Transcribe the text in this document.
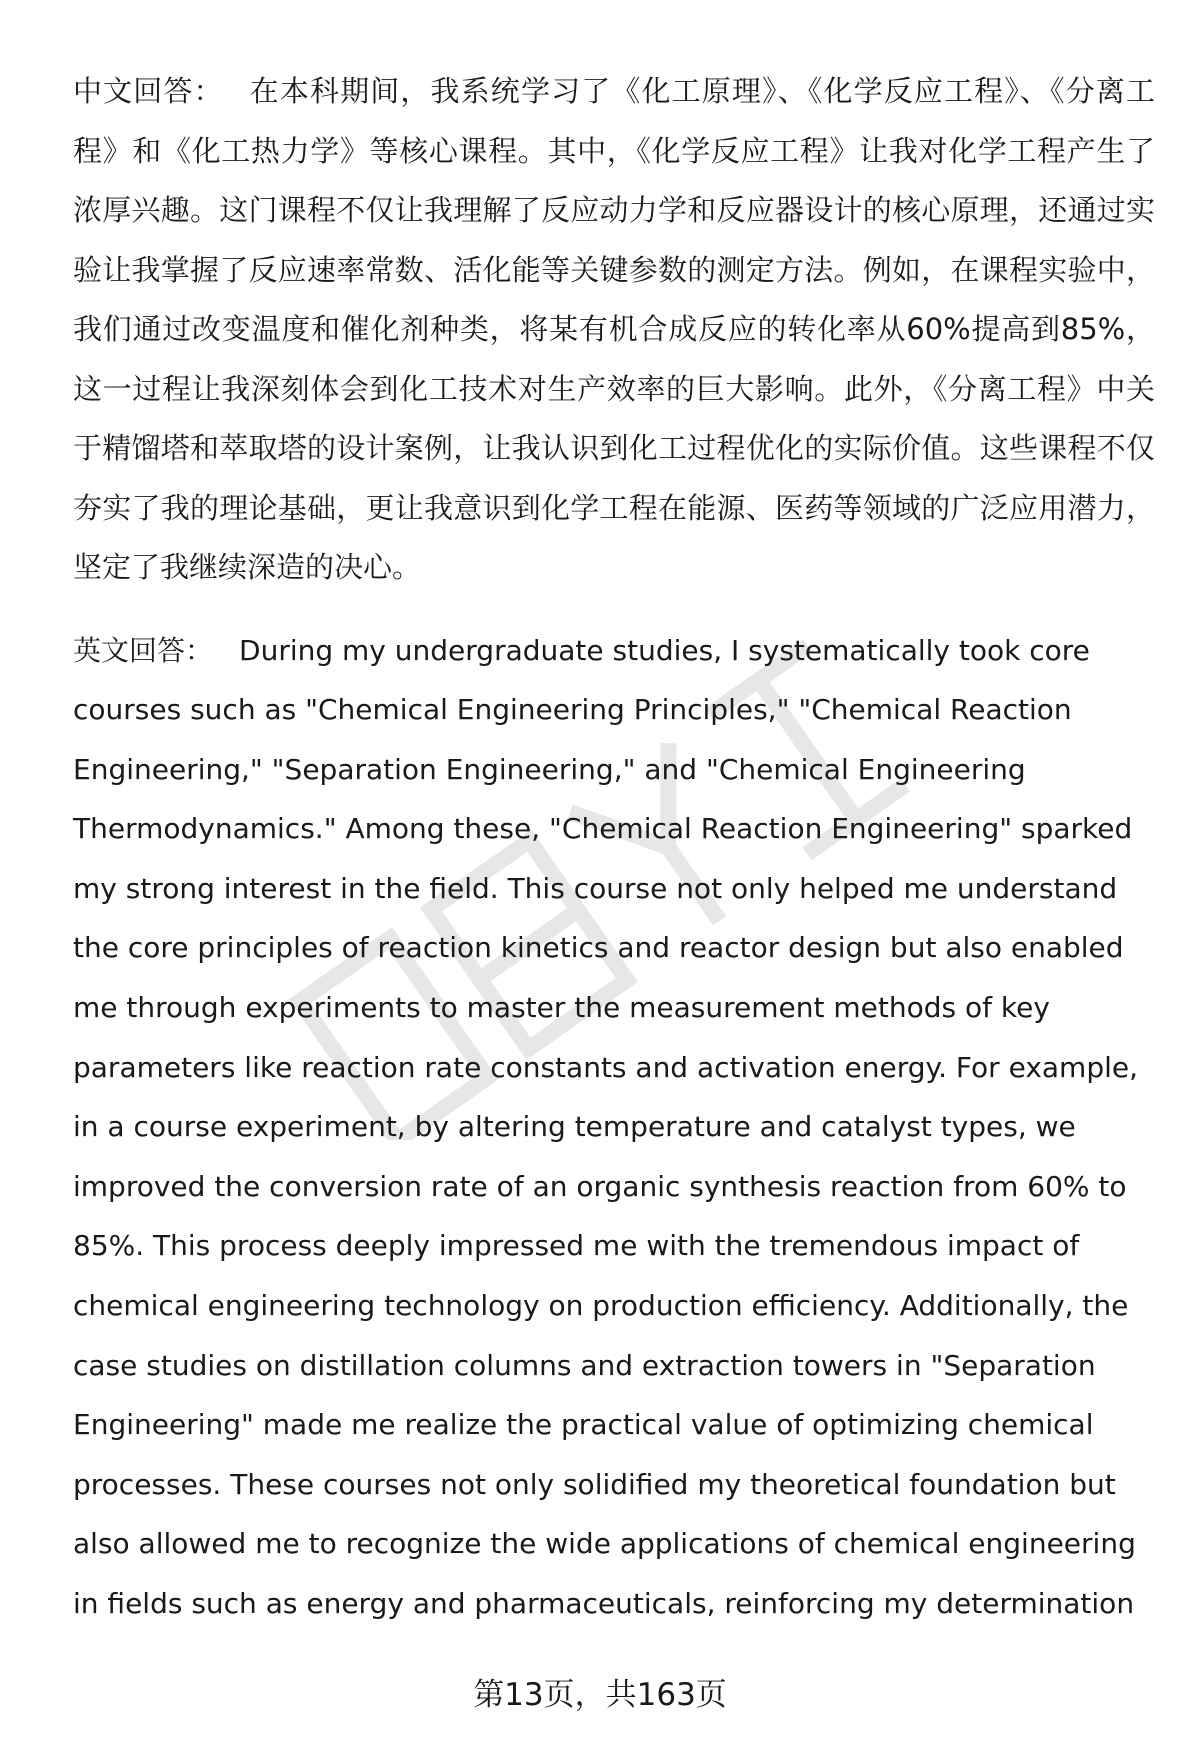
中文回答： 在本科期间，我系统学习了《化工原理》、《化学反应工程》、《分离工程》和《化工热力学》等核心课程。其中，《化学反应工程》让我对化学工程产生了浓厚兴趣。这门课程不仅让我理解了反应动力学和反应器设计的核心原理，还通过实验让我掌握了反应速率常数、活化能等关键参数的测定方法。例如，在课程实验中，我们通过改变温度和催化剂种类，将某有机合成反应的转化率从60%提高到85%，这一过程让我深刻体会到化工技术对生产效率的巨大影响。此外，《分离工程》中关于精馏塔和萃取塔的设计案例，让我认识到化工过程优化的实际价值。这些课程不仅夯实了我的理论基础，更让我意识到化学工程在能源、医药等领域的广泛应用潜力，坚定了我继续深造的决心。

英文回答： During my undergraduate studies, I systematically took core courses such as "Chemical Engineering Principles," "Chemical Reaction Engineering," "Separation Engineering," and "Chemical Engineering Thermodynamics." Among these, "Chemical Reaction Engineering" sparked my strong interest in the field. This course not only helped me understand the core principles of reaction kinetics and reactor design but also enabled me through experiments to master the measurement methods of key parameters like reaction rate constants and activation energy. For example, in a course experiment, by altering temperature and catalyst types, we improved the conversion rate of an organic synthesis reaction from 60% to 85%. This process deeply impressed me with the tremendous impact of chemical engineering technology on production efficiency. Additionally, the case studies on distillation columns and extraction towers in "Separation Engineering" made me realize the practical value of optimizing chemical processes. These courses not only solidified my theoretical foundation but also allowed me to recognize the wide applications of chemical engineering in fields such as energy and pharmaceuticals, reinforcing my determination

第13页，共163页
